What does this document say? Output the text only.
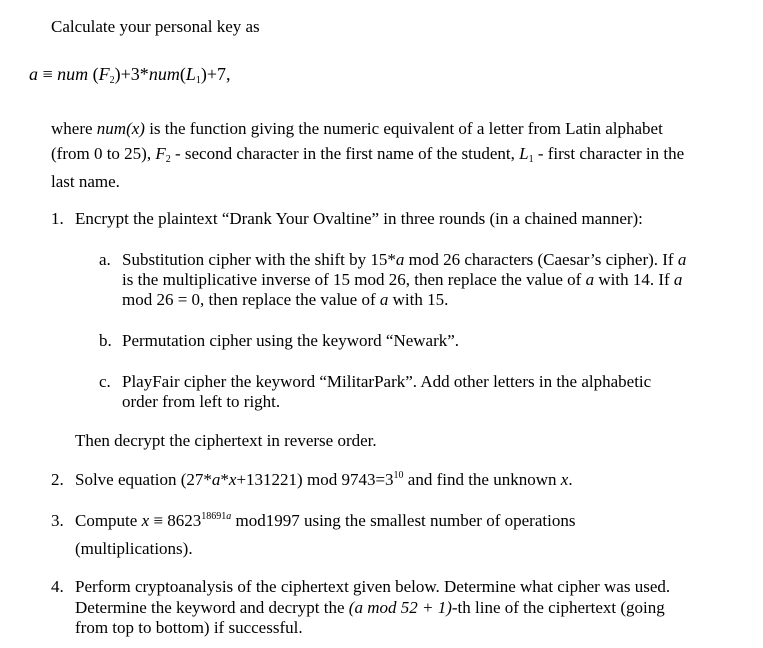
Calculate your personal key as
a ≡ num $(F_2)+3*num(L_1)+7$,
where num(x) is the function giving the numeric equivalent of a letter from Latin alphabet
(from 0 to 25), $F_2$ - second character in the first name of the student, $L_1$ - first character in the
last name.
1. Encrypt the plaintext “Drank Your Ovaltine” in three rounds (in a chained manner):
a. Substitution cipher with the shift by 15*a mod 26 characters (Caesar’s cipher). If a
is the multiplicative inverse of 15 mod 26, then replace the value of a with 14. If a
mod 26 = 0, then replace the value of a with 15.
b. Permutation cipher using the keyword “Newark”.
c. PlayFair cipher the keyword “MilitarPark”. Add other letters in the alphabetic
order from left to right.
Then decrypt the ciphertext in reverse order.
2. Solve equation (27*a*x+131221) mod $9743=3^{10}$ and find the unknown x.
3. Compute $x \equiv 8623^{18691a}$ mod1997 using the smallest number of operations
(multiplications).
4. Perform cryptoanalysis of the ciphertext given below. Determine what cipher was used.
Determine the keyword and decrypt the (a mod 52 + 1)-th line of the ciphertext (going
from top to bottom) if successful.
